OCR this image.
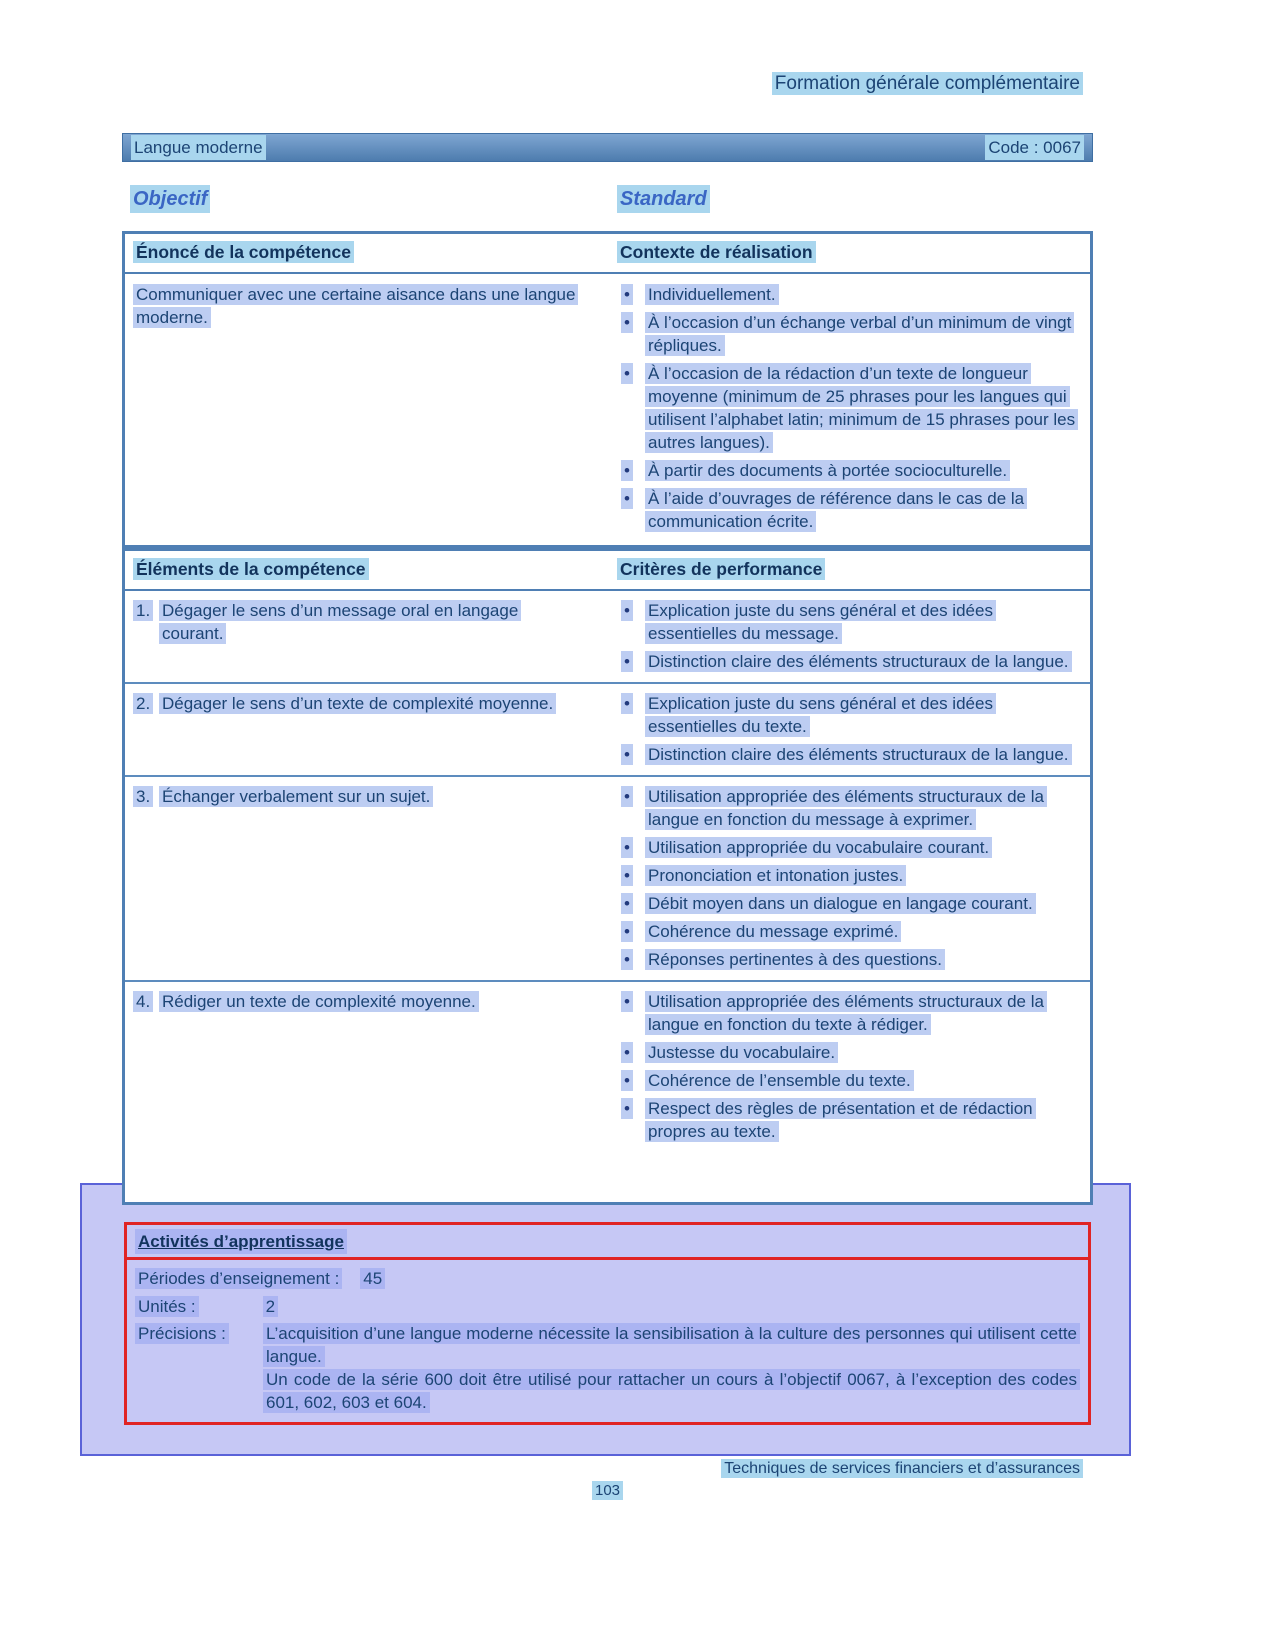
Formation générale complémentaire
Langue moderne	Code : 0067
Objectif	Standard
Énoncé de la compétence	Contexte de réalisation
Communiquer avec une certaine aisance dans une langue moderne.
•	Individuellement.
•	À l’occasion d’un échange verbal d’un minimum de vingt répliques.
•	À l’occasion de la rédaction d’un texte de longueur moyenne (minimum de 25 phrases pour les langues qui utilisent l’alphabet latin; minimum de 15 phrases pour les autres langues).
•	À partir des documents à portée socioculturelle.
•	À l’aide d’ouvrages de référence dans le cas de la communication écrite.
Éléments de la compétence	Critères de performance
1. Dégager le sens d’un message oral en langage courant.
•	Explication juste du sens général et des idées essentielles du message.
•	Distinction claire des éléments structuraux de la langue.
2. Dégager le sens d’un texte de complexité moyenne.	•	Explication juste du sens général et des idées essentielles du texte.
•	Distinction claire des éléments structuraux de la langue.
3. Échanger verbalement sur un sujet.	•	Utilisation appropriée des éléments structuraux de la langue en fonction du message à exprimer.
•	Utilisation appropriée du vocabulaire courant.
•	Prononciation et intonation justes.
•	Débit moyen dans un dialogue en langage courant.
•	Cohérence du message exprimé.
•	Réponses pertinentes à des questions.
4. Rédiger un texte de complexité moyenne.	•	Utilisation appropriée des éléments structuraux de la langue en fonction du texte à rédiger.
•	Justesse du vocabulaire.
•	Cohérence de l’ensemble du texte.
•	Respect des règles de présentation et de rédaction propres au texte.
Activités d’apprentissage
Périodes d’enseignement : 45
Unités :	2
Précisions :	L’acquisition d’une langue moderne nécessite la sensibilisation à la culture des personnes qui utilisent cette langue.
Un code de la série 600 doit être utilisé pour rattacher un cours à l’objectif 0067, à l’exception des codes 601, 602, 603 et 604.
Techniques de services financiers et d’assurances
103
